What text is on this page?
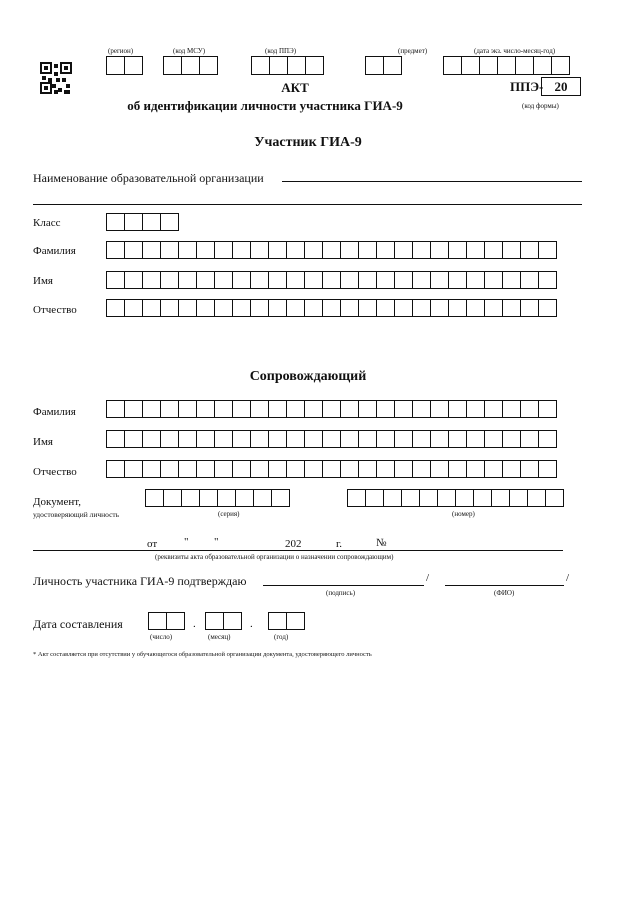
(регион)	(код МСУ)	(код ППЭ)	(предмет)	(дата экз. число-месяц-год)
АКТ
об идентификации личности участника ГИА-9
ППЭ- 20
(код формы)
Участник ГИА-9
Наименование образовательной организации
Класс
Фамилия
Имя
Отчество
Сопровождающий
Фамилия
Имя
Отчество
Документ,
удостоверяющий личность	(серия)	(номер)
от " "	202	г.	№
(реквизиты акта образовательной организации о назначении сопровождающим)
Личность участника ГИА-9 подтверждаю	/	/
(подпись)	(ФИО)
Дата составления	.	.
(число)	(месяц)	(год)
* Акт составляется при отсутствии у обучающегося образовательной организации документа, удостоверяющего личность
